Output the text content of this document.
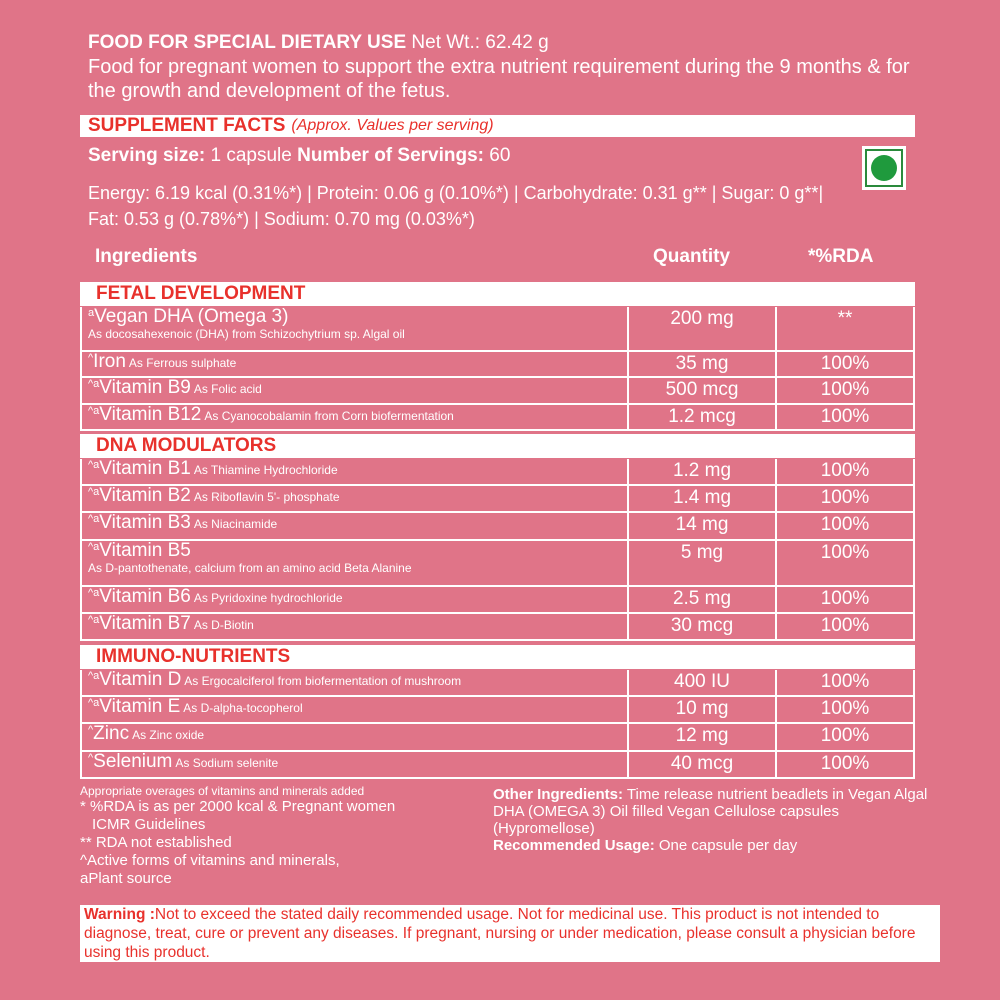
FOOD FOR SPECIAL DIETARY USE Net Wt.: 62.42 g
Food for pregnant women to support the extra nutrient requirement during the 9 months & for the growth and development of the fetus.
SUPPLEMENT FACTS (Approx. Values per serving)
Serving size: 1 capsule Number of Servings: 60
Energy: 6.19 kcal (0.31%*) | Protein: 0.06 g (0.10%*) | Carbohydrate: 0.31 g** | Sugar: 0 g**| Fat: 0.53 g (0.78%*) | Sodium: 0.70 mg (0.03%*)
Ingredients	Quantity	*%RDA
FETAL DEVELOPMENT
$^a$Vegan DHA (Omega 3)
As docosahexenoic (DHA) from Schizochytrium sp. Algal oil
200 mg	**
^Iron As Ferrous sulphate	35 mg	100%
$^{\^{}a}$Vitamin B9 As Folic acid	500 mcg	100%
$^{\^{}a}$Vitamin B12 As Cyanocobalamin from Corn biofermentation	1.2 mcg	100%
DNA MODULATORS
$^{\^{}a}$Vitamin B1 As Thiamine Hydrochloride	1.2 mg	100%
$^{\^{}a}$Vitamin B2 As Riboflavin 5'- phosphate	1.4 mg	100%
$^{\^{}a}$Vitamin B3 As Niacinamide	14 mg	100%
$^{\^{}a}$Vitamin B5
As D-pantothenate, calcium from an amino acid Beta Alanine
5 mg	100%
$^{\^{}a}$Vitamin B6 As Pyridoxine hydrochloride	2.5 mg	100%
$^{\^{}a}$Vitamin B7 As D-Biotin	30 mcg	100%
IMMUNO-NUTRIENTS
$^{\^{}a}$Vitamin D As Ergocalciferol from biofermentation of mushroom	400 IU	100%
$^{\^{}a}$Vitamin E As D-alpha-tocopherol	10 mg	100%
^Zinc As Zinc oxide	12 mg	100%
^Selenium As Sodium selenite	40 mcg	100%
Appropriate overages of vitamins and minerals added
* %RDA is as per 2000 kcal & Pregnant women
ICMR Guidelines
** RDA not established
^Active forms of vitamins and minerals,
aPlant source
Other Ingredients: Time release nutrient beadlets in Vegan Algal DHA (OMEGA 3) Oil filled Vegan Cellulose capsules (Hypromellose)
Recommended Usage: One capsule per day
Warning :Not to exceed the stated daily recommended usage. Not for medicinal use. This product is not intended to diagnose, treat, cure or prevent any diseases. If pregnant, nursing or under medication, please consult a physician before using this product.
